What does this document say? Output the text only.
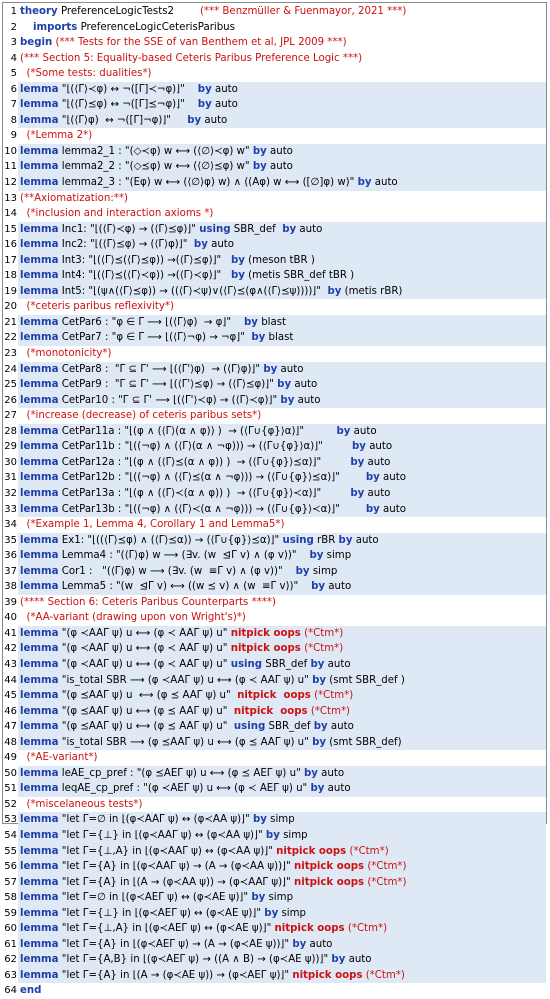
1 theory PreferenceLogicTests2        (*** Benzmüller & Fuenmayor, 2021 ***)
2 imports PreferenceLogicCeterisParibus
3 begin (*** Tests for the SSE of van Benthem et al, JPL 2009 ***)
4 (*** Section 5: Equality-based Ceteris Paribus Preference Logic ***)
5 (*Some tests: dualities*)
6 lemma "⌊(⟨Γ⟩≺φ) ↔ ¬([Γ]≺¬φ)⌋"    by auto
7 lemma "⌊(⟨Γ⟩⪯φ) ↔ ¬([Γ]⪯¬φ)⌋"    by auto
8 lemma "⌊(⟨Γ⟩φ)  ↔ ¬([Γ]¬φ)⌋"     by auto
9 (*Lemma 2*)
10 lemma lemma2_1 : "(◇≺φ) w ⟷ (⟨∅⟩≺φ) w" by auto
11 lemma lemma2_2 : "(◇⪯φ) w ⟷ (⟨∅⟩⪯φ) w" by auto
12 lemma lemma2_3 : "(Eφ) w ⟷ (⟨∅⟩φ) w) ∧ ((Aφ) w ⟷ ([∅]φ) w)" by auto
13 (**Axiomatization:**)
14 (*inclusion and interaction axioms *)
15 lemma Inc1: "⌊(⟨Γ⟩≺φ) → (⟨Γ⟩⪯φ)⌋" using SBR_def  by auto
16 lemma Inc2: "⌊(⟨Γ⟩⪯φ) → (⟨Γ⟩φ)⌋"  by auto
17 lemma Int3: "⌊(⟨Γ⟩⪯(⟨Γ⟩⪯φ)) →(⟨Γ⟩⪯φ)⌋"   by (meson tBR )
18 lemma Int4: "⌊(⟨Γ⟩⪯(⟨Γ⟩≺φ)) →(⟨Γ⟩≺φ)⌋"   by (metis SBR_def tBR )
19 lemma Int5: "⌊(ψ∧(⟨Γ⟩⪯φ)) → ((⟨Γ⟩≺ψ)∨(⟨Γ⟩⪯(φ∧(⟨Γ⟩⪯ψ))))⌋"  by (metis rBR)
20 (*ceteris paribus reflexivity*)
21 lemma CetPar6 : "φ ∈ Γ ⟶ ⌊(⟨Γ⟩φ)  → φ⌋"    by blast
22 lemma CetPar7 : "φ ∈ Γ ⟶ ⌊(⟨Γ⟩¬φ) → ¬φ⌋"  by blast
23 (*monotonicity*)
24 lemma CetPar8 :  "Γ ⊆ Γ' ⟶ ⌊(⟨Γ'⟩φ)  → (⟨Γ⟩φ)⌋" by auto
25 lemma CetPar9 :  "Γ ⊆ Γ' ⟶ ⌊(⟨Γ'⟩⪯φ) → (⟨Γ⟩⪯φ)⌋" by auto
26 lemma CetPar10 : "Γ ⊆ Γ' ⟶ ⌊(⟨Γ'⟩≺φ) → (⟨Γ⟩≺φ)⌋" by auto
27 (*increase (decrease) of ceteris paribus sets*)
28 lemma CetPar11a : "⌊(φ ∧ (⟨Γ⟩(α ∧ φ)) )  → (⟨Γ∪{φ}⟩α)⌋"          by auto
29 lemma CetPar11b : "⌊((¬φ) ∧ (⟨Γ⟩(α ∧ ¬φ))) → (⟨Γ∪{φ}⟩α)⌋"         by auto
30 lemma CetPar12a : "⌊(φ ∧ (⟨Γ⟩⪯(α ∧ φ)) )  → (⟨Γ∪{φ}⟩⪯α)⌋"         by auto
31 lemma CetPar12b : "⌊((¬φ) ∧ (⟨Γ⟩⪯(α ∧ ¬φ))) → (⟨Γ∪{φ}⟩⪯α)⌋"        by auto
32 lemma CetPar13a : "⌊(φ ∧ (⟨Γ⟩≺(α ∧ φ)) )  → (⟨Γ∪{φ}⟩≺α)⌋"         by auto
33 lemma CetPar13b : "⌊((¬φ) ∧ (⟨Γ⟩≺(α ∧ ¬φ))) → (⟨Γ∪{φ}⟩≺α)⌋"        by auto
34 (*Example 1, Lemma 4, Corollary 1 and Lemma5*)
35 lemma Ex1: "⌊((⟨Γ⟩⪯φ) ∧ (⟨Γ⟩⪯α)) → (⟨Γ∪{φ}⟩⪯α)⌋" using rBR by auto
36 lemma Lemma4 : "(⟨Γ⟩φ) w ⟶ (∃v. (w  ⊴Γ v) ∧ (φ v))"    by simp
37 lemma Cor1 :   "(⟨Γ⟩φ) w ⟶ (∃v. (w  ≡Γ v) ∧ (φ v))"    by simp
38 lemma Lemma5 : "(w  ⊴Γ v) ⟷ ((w ⪯ v) ∧ (w  ≡Γ v))"    by auto
39 (**** Section 6: Ceteris Paribus Counterparts ****)
40 (*AA-variant (drawing upon von Wright's)*)
41 lemma "(φ ≺AAΓ ψ) u ⟷ (φ ≺ AAΓ ψ) u" nitpick oops (*Ctm*)
42 lemma "(φ ≺AAΓ ψ) u ⟷ (φ ≺ AAΓ ψ) u" nitpick oops (*Ctm*)
43 lemma "(φ ≺AAΓ ψ) u ⟷ (φ ≺ AAΓ ψ) u" using SBR_def by auto
44 lemma "is_total SBR ⟶ (φ ≺AAΓ ψ) u ⟷ (φ ≺ AAΓ ψ) u" by (smt SBR_def )
45 lemma "(φ ⪯AAΓ ψ) u  ⟷ (φ ⪯ AAΓ ψ) u"  nitpick  oops (*Ctm*)
46 lemma "(φ ⪯AAΓ ψ) u ⟷ (φ ⪯ AAΓ ψ) u"  nitpick  oops (*Ctm*)
47 lemma "(φ ⪯AAΓ ψ) u ⟷ (φ ⪯ AAΓ ψ) u"  using SBR_def by auto
48 lemma "is_total SBR ⟶ (φ ⪯AAΓ ψ) u ⟷ (φ ⪯ AAΓ ψ) u" by (smt SBR_def)
49 (*AE-variant*)
50 lemma leAE_cp_pref : "(φ ⪯AEΓ ψ) u ⟷ (φ ⪯ AEΓ ψ) u" by auto
51 lemma leqAE_cp_pref : "(φ ≺AEΓ ψ) u ⟷ (φ ≺ AEΓ ψ) u" by auto
52 (*miscelaneous tests*)
53 lemma "let Γ=∅ in ⌊(φ≺AAΓ ψ) ↔ (φ≺AA ψ)⌋" by simp
54 lemma "let Γ={⊥} in ⌊(φ≺AAΓ ψ) ↔ (φ≺AA ψ)⌋" by simp
55 lemma "let Γ={⊥,A} in ⌊(φ≺AAΓ ψ) ↔ (φ≺AA ψ)⌋" nitpick oops (*Ctm*)
56 lemma "let Γ={A} in ⌊(φ≺AAΓ ψ) → (A → (φ≺AA ψ))⌋" nitpick oops (*Ctm*)
57 lemma "let Γ={A} in ⌊(A → (φ≺AA ψ)) → (φ≺AAΓ ψ)⌋" nitpick oops (*Ctm*)
58 lemma "let Γ=∅ in ⌊(φ≺AEΓ ψ) ↔ (φ≺AE ψ)⌋" by simp
59 lemma "let Γ={⊥} in ⌊(φ≺AEΓ ψ) ↔ (φ≺AE ψ)⌋" by simp
60 lemma "let Γ={⊥,A} in ⌊(φ≺AEΓ ψ) ↔ (φ≺AE ψ)⌋" nitpick oops (*Ctm*)
61 lemma "let Γ={A} in ⌊(φ≺AEΓ ψ) → (A → (φ≺AE ψ))⌋" by auto
62 lemma "let Γ={A,B} in ⌊(φ≺AEΓ ψ) → ((A ∧ B) → (φ≺AE ψ))⌋" by auto
63 lemma "let Γ={A} in ⌊(A → (φ≺AE ψ)) → (φ≺AEΓ ψ)⌋" nitpick oops (*Ctm*)
64 end
